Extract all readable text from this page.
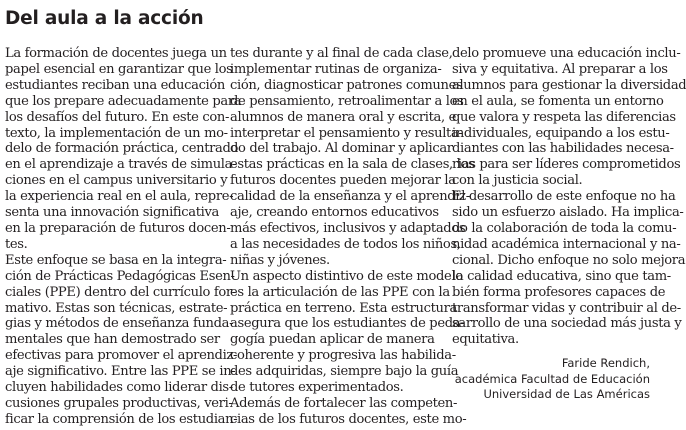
Del aula a la acción
La formación de docentes juega un
papel esencial en garantizar que los
estudiantes reciban una educación
que los prepare adecuadamente para
los desafíos del futuro. En este con-
texto, la implementación de un mo-
delo de formación práctica, centrado
en el aprendizaje a través de simula-
ciones en el campus universitario y
la experiencia real en el aula, repre-
senta una innovación significativa
en la preparación de futuros docen-
tes.
Este enfoque se basa en la integra-
ción de Prácticas Pedagógicas Esen-
ciales (PPE) dentro del currículo for-
mativo. Estas son técnicas, estrate-
gias y métodos de enseñanza funda-
mentales que han demostrado ser
efectivas para promover el aprendiz-
aje significativo. Entre las PPE se in-
cluyen habilidades como liderar dis-
cusiones grupales productivas, veri-
ficar la comprensión de los estudian-
tes durante y al final de cada clase,
implementar rutinas de organiza-
ción, diagnosticar patrones comunes
de pensamiento, retroalimentar a los
alumnos de manera oral y escrita, e
interpretar el pensamiento y resulta-
do del trabajo. Al dominar y aplicar
estas prácticas en la sala de clases, los
futuros docentes pueden mejorar la
calidad de la enseñanza y el aprendiz-
aje, creando entornos educativos
más efectivos, inclusivos y adaptados
a las necesidades de todos los niños,
niñas y jóvenes.
Un aspecto distintivo de este modelo
es la articulación de las PPE con la
práctica en terreno. Esta estructura
asegura que los estudiantes de peda-
gogía puedan aplicar de manera
coherente y progresiva las habilida-
des adquiridas, siempre bajo la guía
de tutores experimentados.
Además de fortalecer las competen-
cias de los futuros docentes, este mo-
delo promueve una educación inclu-
siva y equitativa. Al preparar a los
alumnos para gestionar la diversidad
en el aula, se fomenta un entorno
que valora y respeta las diferencias
individuales, equipando a los estu-
diantes con las habilidades necesa-
rias para ser líderes comprometidos
con la justicia social.
El desarrollo de este enfoque no ha
sido un esfuerzo aislado. Ha implica-
do la colaboración de toda la comu-
nidad académica internacional y na-
cional. Dicho enfoque no solo mejora
la calidad educativa, sino que tam-
bién forma profesores capaces de
transformar vidas y contribuir al de-
sarrollo de una sociedad más justa y
equitativa.
Faride Rendich,
académica Facultad de Educación
Universidad de Las Américas
